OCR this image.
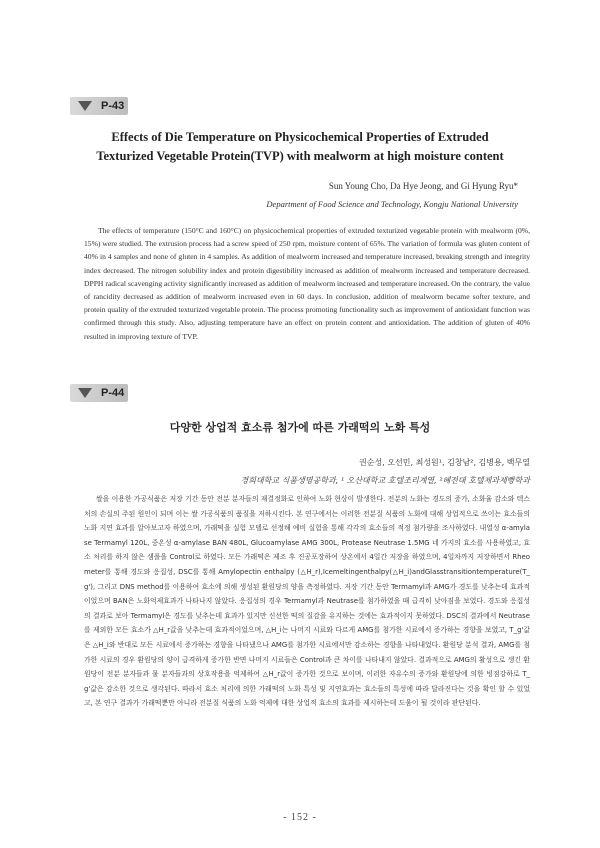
P-43
Effects of Die Temperature on Physicochemical Properties of Extruded
Texturized Vegetable Protein(TVP) with mealworm at high moisture content
Sun Young Cho, Da Hye Jeong, and Gi Hyung Ryu*
Department of Food Science and Technology, Kongju National University

The effects of temperature (150°C and 160°C) on physicochemical properties of extruded texturized vegetable protein with mealworm (0%, 15%) were studied. The extrusion process had a screw speed of 250 rpm, moisture content of 65%. The variation of formula was gluten content of 40% in 4 samples and none of gluten in 4 samples. As addition of mealworm increased and temperature increased, breaking strength and integrity index decreased. The nitrogen solubility index and protein digestibility increased as addition of mealworm increased and temperature decreased. DPPH radical scavenging activity significantly increased as addition of mealworm increased and temperature increased. On the contrary, the value of rancidity decreased as addition of mealworm increased even in 60 days. In conclusion, addition of mealworm became softer texture, and protein quality of the extruded texturized vegetable protein. The process promoting functionality such as improvement of antioxidant function was confirmed through this study. Also, adjusting temperature have an effect on protein content and antioxidation. The addition of gluten of 40% resulted in improving texture of TVP.

P-44
다양한 상업적 효소류 첨가에 따른 가래떡의 노화 특성
권순성, 오선민, 최성원¹, 김창남², 김병용, 백무열
경희대학교 식품생명공학과, ¹ 오산대학교 호텔조리계열, ²혜전대 호텔제과제빵학과

쌀을 이용한 가공식품은 저장 기간 동안 전분 분자들의 재결정화로 인하여 노화 현상이 발생한다. 전분의 노화는 경도의 증가, 소화율 감소와 텍스처의 손실의 주된 원인이 되며 이는 쌀 가공식품의 품질을 저하시킨다. 본 연구에서는 이러한 전분질 식품의 노화에 대해 상업적으로 쓰이는 효소들의 노화 지연 효과를 알아보고자 하였으며, 가래떡을 실험 모델로 선정해 예비 실험을 통해 각각의 효소들의 적정 첨가량을 조사하였다. 내열성 α-amylase Termamyl 120L, 중온성 α-amylase BAN 480L, Glucoamylase AMG 300L, Protease Neutrase 1.5MG 네 가지의 효소를 사용하였고, 효소 처리를 하지 않은 샘플을 Control로 하였다. 모든 가래떡은 제조 후 진공포장하여 상온에서 4일간 저장을 하였으며, 4일차까지 저장하면서 Rheometer를 통해 경도와 응집성, DSC를 통해 Amylopectin enthalpy (△H_r),Icemeltingenthalpy(△H_i)andGlasstransitiontemperature(T_g'), 그리고 DNS method를 이용하여 효소에 의해 생성된 환원당의 양을 측정하였다. 저장 기간 동안 Termamyl과 AMG가 경도를 낮추는데 효과적이었으며 BAN은 노화억제효과가 나타나지 않았다. 응집성의 경우 Termamyl과 Neutrase를 첨가하였을 때 급격히 낮아짐을 보였다. 경도와 응집성의 결과로 보아 Termamyl은 경도를 낮추는데 효과가 있지만 신선한 떡의 질감을 유지하는 것에는 효과적이지 못하였다. DSC의 결과에서 Neutrase를 제외한 모든 효소가 △H_r값을 낮추는데 효과적이었으며, △H_i는 나머지 시료와 다르게 AMG를 첨가한 시료에서 증가하는 경향을 보였고, T_g'값은 △H_i와 반대로 모든 시료에서 증가하는 경향을 나타냈으나 AMG를 첨가한 시료에서만 감소하는 경향을 나타내었다. 환원당 분석 결과, AMG를 첨가한 시료의 경우 환원당의 양이 급격하게 증가한 반면 나머지 시료들은 Control과 큰 차이를 나타내지 않았다. 결과적으로 AMG의 활성으로 생긴 환원당이 전분 분자들과 물 분자들과의 상호작용을 억제하여 △H_r값이 증가한 것으로 보이며, 이러한 자유수의 증가와 환원당에 의한 빙점강하로 T_g'값은 감소한 것으로 생각된다. 따라서 효소 처리에 의한 가래떡의 노화 특성 및 지연효과는 효소들의 특성에 따라 달라진다는 것을 확인 할 수 있었고, 본 연구 결과가 가래떡뿐만 아니라 전분질 식품의 노화 억제에 대한 상업적 효소의 효과를 제시하는데 도움이 될 것이라 판단된다.

- 152 -
